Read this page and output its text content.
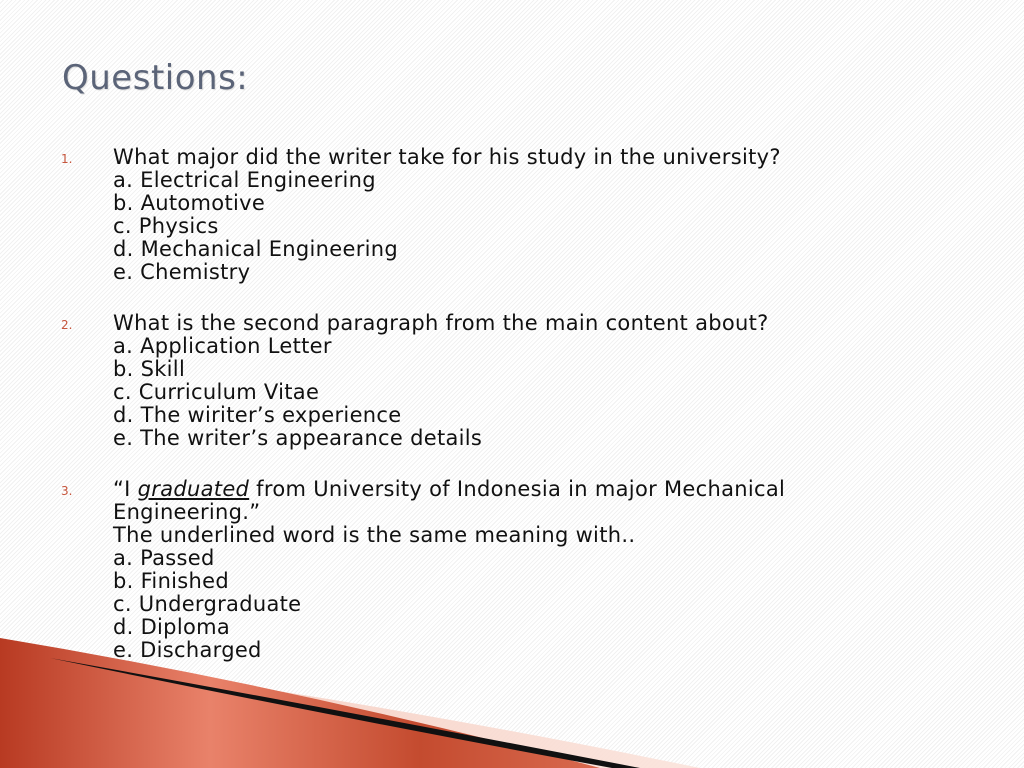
Questions:
1. What major did the writer take for his study in the university?
a. Electrical Engineering
b. Automotive
c. Physics
d. Mechanical Engineering
e. Chemistry
2. What is the second paragraph from the main content about?
a. Application Letter
b. Skill
c. Curriculum Vitae
d. The wiriter’s experience
e. The writer’s appearance details
3. “I graduated from University of Indonesia in major Mechanical Engineering.”
The underlined word is the same meaning with..
a. Passed
b. Finished
c. Undergraduate
d. Diploma
e. Discharged
